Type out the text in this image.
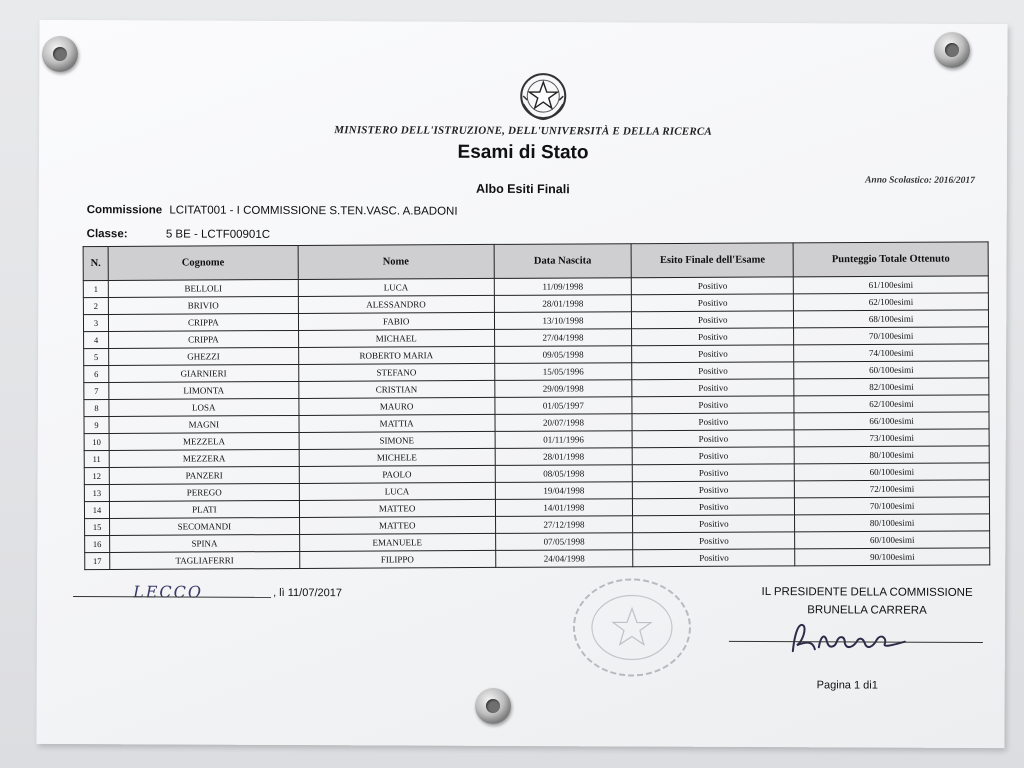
MINISTERO DELL'ISTRUZIONE, DELL'UNIVERSITÀ E DELLA RICERCA
Esami di Stato
Anno Scolastico: 2016/2017
Albo Esiti Finali
Commissione LCITAT001 - I COMMISSIONE S.TEN.VASC. A.BADONI
Classe:	5 BE - LCTF00901C
N.	Cognome	Nome	Data Nascita	Esito Finale dell'Esame	Punteggio Totale Ottenuto
1	BELLOLI	LUCA	11/09/1998	Positivo	61/100esimi
2	BRIVIO	ALESSANDRO	28/01/1998	Positivo	62/100esimi
3	CRIPPA	FABIO	13/10/1998	Positivo	68/100esimi
4	CRIPPA	MICHAEL	27/04/1998	Positivo	70/100esimi
5	GHEZZI	ROBERTO MARIA	09/05/1998	Positivo	74/100esimi
6	GIARNIERI	STEFANO	15/05/1996	Positivo	60/100esimi
7	LIMONTA	CRISTIAN	29/09/1998	Positivo	82/100esimi
8	LOSA	MAURO	01/05/1997	Positivo	62/100esimi
9	MAGNI	MATTIA	20/07/1998	Positivo	66/100esimi
10	MEZZELA	SIMONE	01/11/1996	Positivo	73/100esimi
11	MEZZERA	MICHELE	28/01/1998	Positivo	80/100esimi
12	PANZERI	PAOLO	08/05/1998	Positivo	60/100esimi
13	PEREGO	LUCA	19/04/1998	Positivo	72/100esimi
14	PLATI	MATTEO	14/01/1998	Positivo	70/100esimi
15	SECOMANDI	MATTEO	27/12/1998	Positivo	80/100esimi
16	SPINA	EMANUELE	07/05/1998	Positivo	60/100esimi
17	TAGLIAFERRI	FILIPPO	24/04/1998	Positivo	90/100esimi
LECCO	, lì 11/07/2017	IL PRESIDENTE DELLA COMMISSIONE
BRUNELLA CARRERA
Pagina 1 di1
